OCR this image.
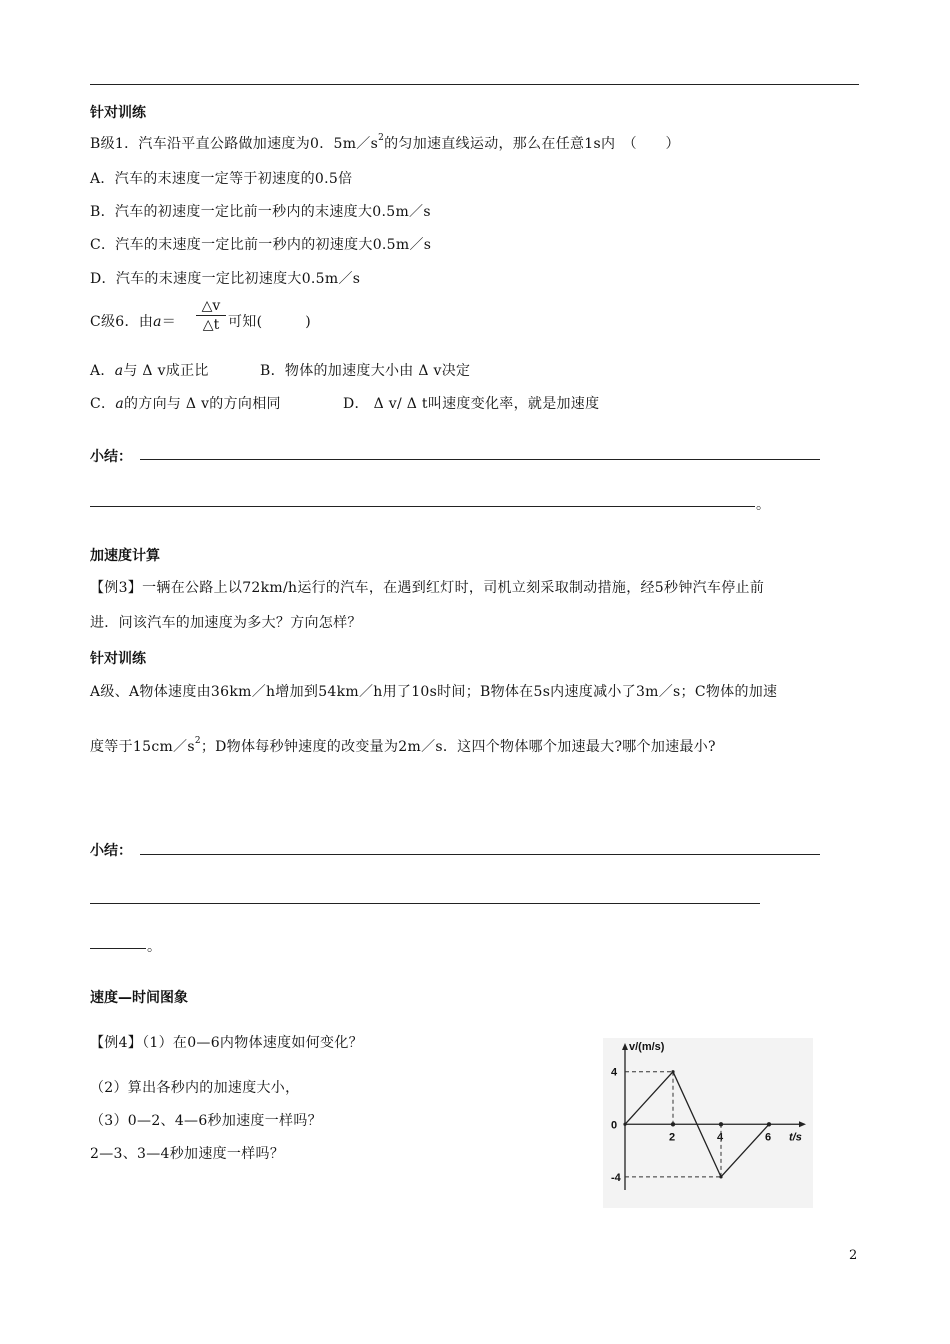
针对训练
B级1．汽车沿平直公路做加速度为0．$5m/s^2$的匀加速直线运动，那么在任意1s内　（　　）
A．汽车的末速度一定等于初速度的0.5倍
B．汽车的初速度一定比前一秒内的末速度大0.5m／s
C．汽车的末速度一定比前一秒内的初速度大0.5m／s
D．汽车的末速度一定比初速度大0.5m／s
C级6．由a＝
△v
△t 可知(　　　)
A．a与 Δ v成正比	B．物体的加速度大小由 Δ v决定
C．a的方向与 Δ v的方向相同	D． Δ v/ Δ t叫速度变化率，就是加速度
小结：
。
加速度计算
【例3】一辆在公路上以72km/h运行的汽车，在遇到红灯时，司机立刻采取制动措施，经5秒钟汽车停止前
进．问该汽车的加速度为多大？方向怎样？
针对训练
A级、A物体速度由36km／h增加到54km／h用了10s时间；B物体在5s内速度减小了3m／s；C物体的加速
度等于$15cm/s^2$；D物体每秒钟速度的改变量为2m／s．这四个物体哪个加速最大?哪个加速最小?
小结：
。
速度—时间图象
【例4】（1）在0—6内物体速度如何变化？
（2）算出各秒内的加速度大小，
（3）0—2、4—6秒加速度一样吗？
2—3、3—4秒加速度一样吗？
v/(m/s)
t/s
4
0
-4
2	4	6
2
